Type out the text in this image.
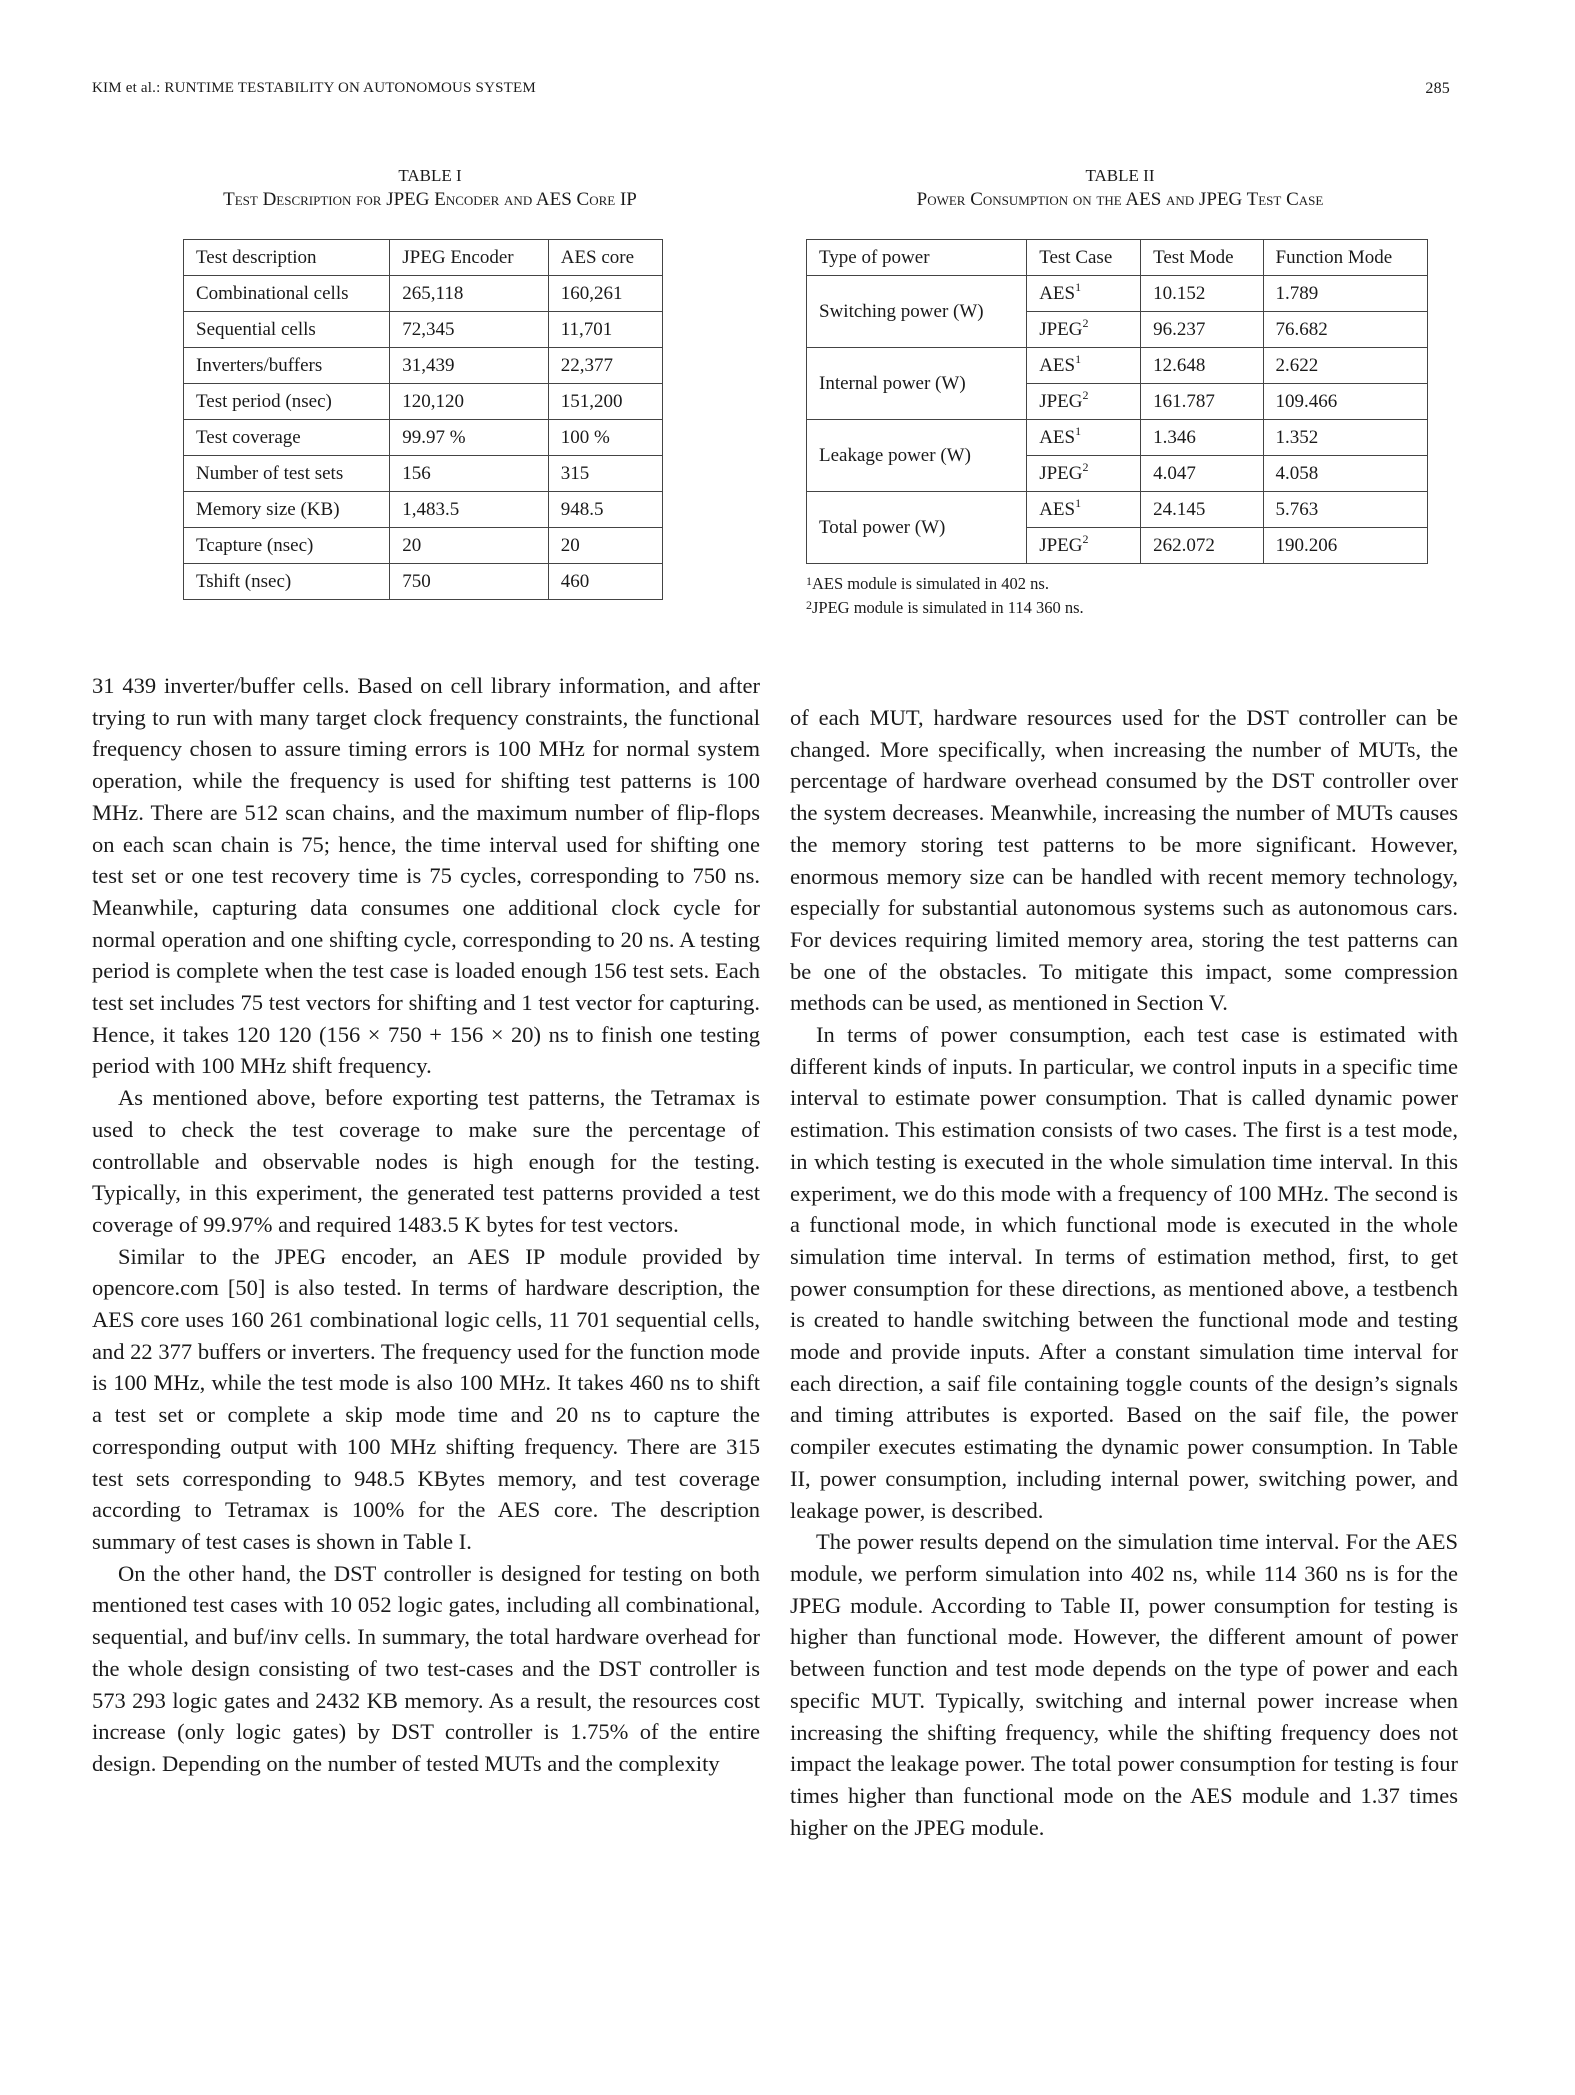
KIM et al.: RUNTIME TESTABILITY ON AUTONOMOUS SYSTEM	285
TABLE I
Test Description for JPEG Encoder and AES Core IP
Test description	JPEG Encoder	AES core
Combinational cells	265,118	160,261
Sequential cells	72,345	11,701
Inverters/buffers	31,439	22,377
Test period (nsec)	120,120	151,200
Test coverage	99.97 %	100 %
Number of test sets	156	315
Memory size (KB)	1,483.5	948.5
Tcapture (nsec)	20	20
Tshift (nsec)	750	460
TABLE II
Power Consumption on the AES and JPEG Test Case
Type of power	Test Case	Test Mode	Function Mode
Switching power (W)	AES$^1$	10.152	1.789
	JPEG$^2$	96.237	76.682
Internal power (W)	AES$^1$	12.648	2.622
	JPEG$^2$	161.787	109.466
Leakage power (W)	AES$^1$	1.346	1.352
	JPEG$^2$	4.047	4.058
Total power (W)	AES$^1$	24.145	5.763
	JPEG$^2$	262.072	190.206
$^1$AES module is simulated in 402 ns.
$^2$JPEG module is simulated in 114 360 ns.

31 439 inverter/buffer cells. Based on cell library information, and after trying to run with many target clock frequency constraints, the functional frequency chosen to assure timing errors is 100 MHz for normal system operation, while the frequency is used for shifting test patterns is 100 MHz. There are 512 scan chains, and the maximum number of flip-flops on each scan chain is 75; hence, the time interval used for shifting one test set or one test recovery time is 75 cycles, corresponding to 750 ns. Meanwhile, capturing data consumes one additional clock cycle for normal operation and one shifting cycle, corresponding to 20 ns. A testing period is complete when the test case is loaded enough 156 test sets. Each test set includes 75 test vectors for shifting and 1 test vector for capturing. Hence, it takes 120 120 (156 × 750 + 156 × 20) ns to finish one testing period with 100 MHz shift frequency.

As mentioned above, before exporting test patterns, the Tetramax is used to check the test coverage to make sure the percentage of controllable and observable nodes is high enough for the testing. Typically, in this experiment, the generated test patterns provided a test coverage of 99.97% and required 1483.5 K bytes for test vectors.

Similar to the JPEG encoder, an AES IP module provided by opencore.com [50] is also tested. In terms of hardware description, the AES core uses 160 261 combinational logic cells, 11 701 sequential cells, and 22 377 buffers or inverters. The frequency used for the function mode is 100 MHz, while the test mode is also 100 MHz. It takes 460 ns to shift a test set or complete a skip mode time and 20 ns to capture the corresponding output with 100 MHz shifting frequency. There are 315 test sets corresponding to 948.5 KBytes memory, and test coverage according to Tetramax is 100% for the AES core. The description summary of test cases is shown in Table I.

On the other hand, the DST controller is designed for testing on both mentioned test cases with 10 052 logic gates, including all combinational, sequential, and buf/inv cells. In summary, the total hardware overhead for the whole design consisting of two test-cases and the DST controller is 573 293 logic gates and 2432 KB memory. As a result, the resources cost increase (only logic gates) by DST controller is 1.75% of the entire design. Depending on the number of tested MUTs and the complexity

of each MUT, hardware resources used for the DST controller can be changed. More specifically, when increasing the number of MUTs, the percentage of hardware overhead consumed by the DST controller over the system decreases. Meanwhile, increasing the number of MUTs causes the memory storing test patterns to be more significant. However, enormous memory size can be handled with recent memory technology, especially for substantial autonomous systems such as autonomous cars. For devices requiring limited memory area, storing the test patterns can be one of the obstacles. To mitigate this impact, some compression methods can be used, as mentioned in Section V.

In terms of power consumption, each test case is estimated with different kinds of inputs. In particular, we control inputs in a specific time interval to estimate power consumption. That is called dynamic power estimation. This estimation consists of two cases. The first is a test mode, in which testing is executed in the whole simulation time interval. In this experiment, we do this mode with a frequency of 100 MHz. The second is a functional mode, in which functional mode is executed in the whole simulation time interval. In terms of estimation method, first, to get power consumption for these directions, as mentioned above, a testbench is created to handle switching between the functional mode and testing mode and provide inputs. After a constant simulation time interval for each direction, a saif file containing toggle counts of the design’s signals and timing attributes is exported. Based on the saif file, the power compiler executes estimating the dynamic power consumption. In Table II, power consumption, including internal power, switching power, and leakage power, is described.

The power results depend on the simulation time interval. For the AES module, we perform simulation into 402 ns, while 114 360 ns is for the JPEG module. According to Table II, power consumption for testing is higher than functional mode. However, the different amount of power between function and test mode depends on the type of power and each specific MUT. Typically, switching and internal power increase when increasing the shifting frequency, while the shifting frequency does not impact the leakage power. The total power consumption for testing is four times higher than functional mode on the AES module and 1.37 times higher on the JPEG module.
